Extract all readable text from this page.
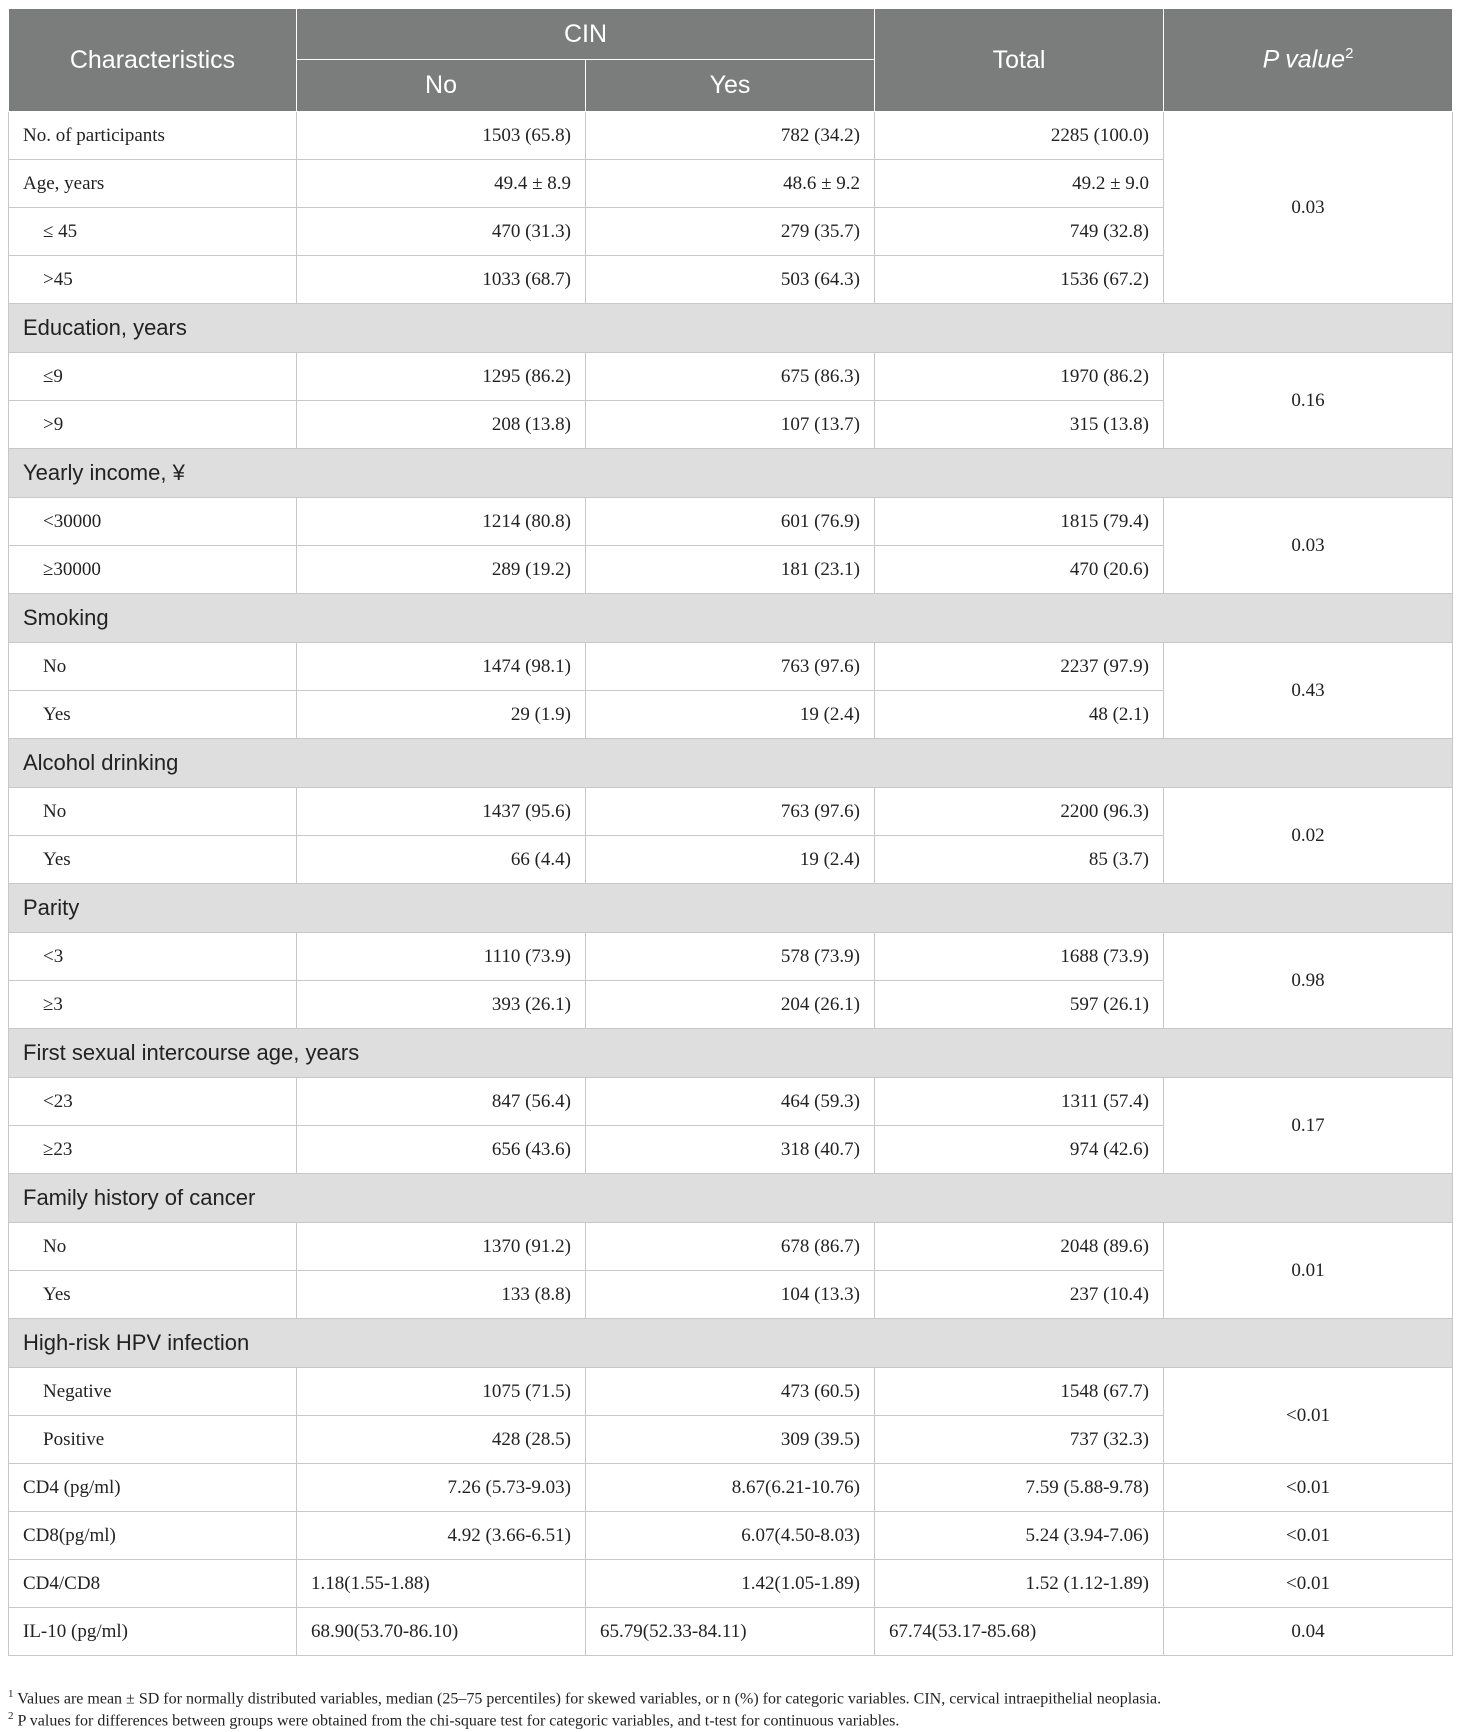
Characteristics	CIN		Total	P value$^2$
	No	Yes		
No. of participants	1503 (65.8)	782 (34.2)	2285 (100.0)	0.03
Age, years	49.4 ± 8.9	48.6 ± 9.2	49.2 ± 9.0	
≤ 45	470 (31.3)	279 (35.7)	749 (32.8)	
>45	1033 (68.7)	503 (64.3)	1536 (67.2)	
Education, years				
≤9	1295 (86.2)	675 (86.3)	1970 (86.2)	0.16
>9	208 (13.8)	107 (13.7)	315 (13.8)	
Yearly income, ¥				
<30000	1214 (80.8)	601 (76.9)	1815 (79.4)	0.03
≥30000	289 (19.2)	181 (23.1)	470 (20.6)	
Smoking				
No	1474 (98.1)	763 (97.6)	2237 (97.9)	0.43
Yes	29 (1.9)	19 (2.4)	48 (2.1)	
Alcohol drinking				
No	1437 (95.6)	763 (97.6)	2200 (96.3)	0.02
Yes	66 (4.4)	19 (2.4)	85 (3.7)	
Parity				
<3	1110 (73.9)	578 (73.9)	1688 (73.9)	0.98
≥3	393 (26.1)	204 (26.1)	597 (26.1)	
First sexual intercourse age, years				
<23	847 (56.4)	464 (59.3)	1311 (57.4)	0.17
≥23	656 (43.6)	318 (40.7)	974 (42.6)	
Family history of cancer				
No	1370 (91.2)	678 (86.7)	2048 (89.6)	0.01
Yes	133 (8.8)	104 (13.3)	237 (10.4)	
High-risk HPV infection				
Negative	1075 (71.5)	473 (60.5)	1548 (67.7)	<0.01
Positive	428 (28.5)	309 (39.5)	737 (32.3)	
CD4 (pg/ml)	7.26 (5.73-9.03)	8.67(6.21-10.76)	7.59 (5.88-9.78)	<0.01
CD8(pg/ml)	4.92 (3.66-6.51)	6.07(4.50-8.03)	5.24 (3.94-7.06)	<0.01
CD4/CD8	1.18(1.55-1.88)	1.42(1.05-1.89)	1.52 (1.12-1.89)	<0.01
IL-10 (pg/ml)	68.90(53.70-86.10)	65.79(52.33-84.11)	67.74(53.17-85.68)	0.04
$^1$ Values are mean ± SD for normally distributed variables, median (25–75 percentiles) for skewed variables, or n (%) for categoric variables. CIN, cervical intraepithelial neoplasia.
$^2$ P values for differences between groups were obtained from the chi-square test for categoric variables, and t-test for continuous variables.
